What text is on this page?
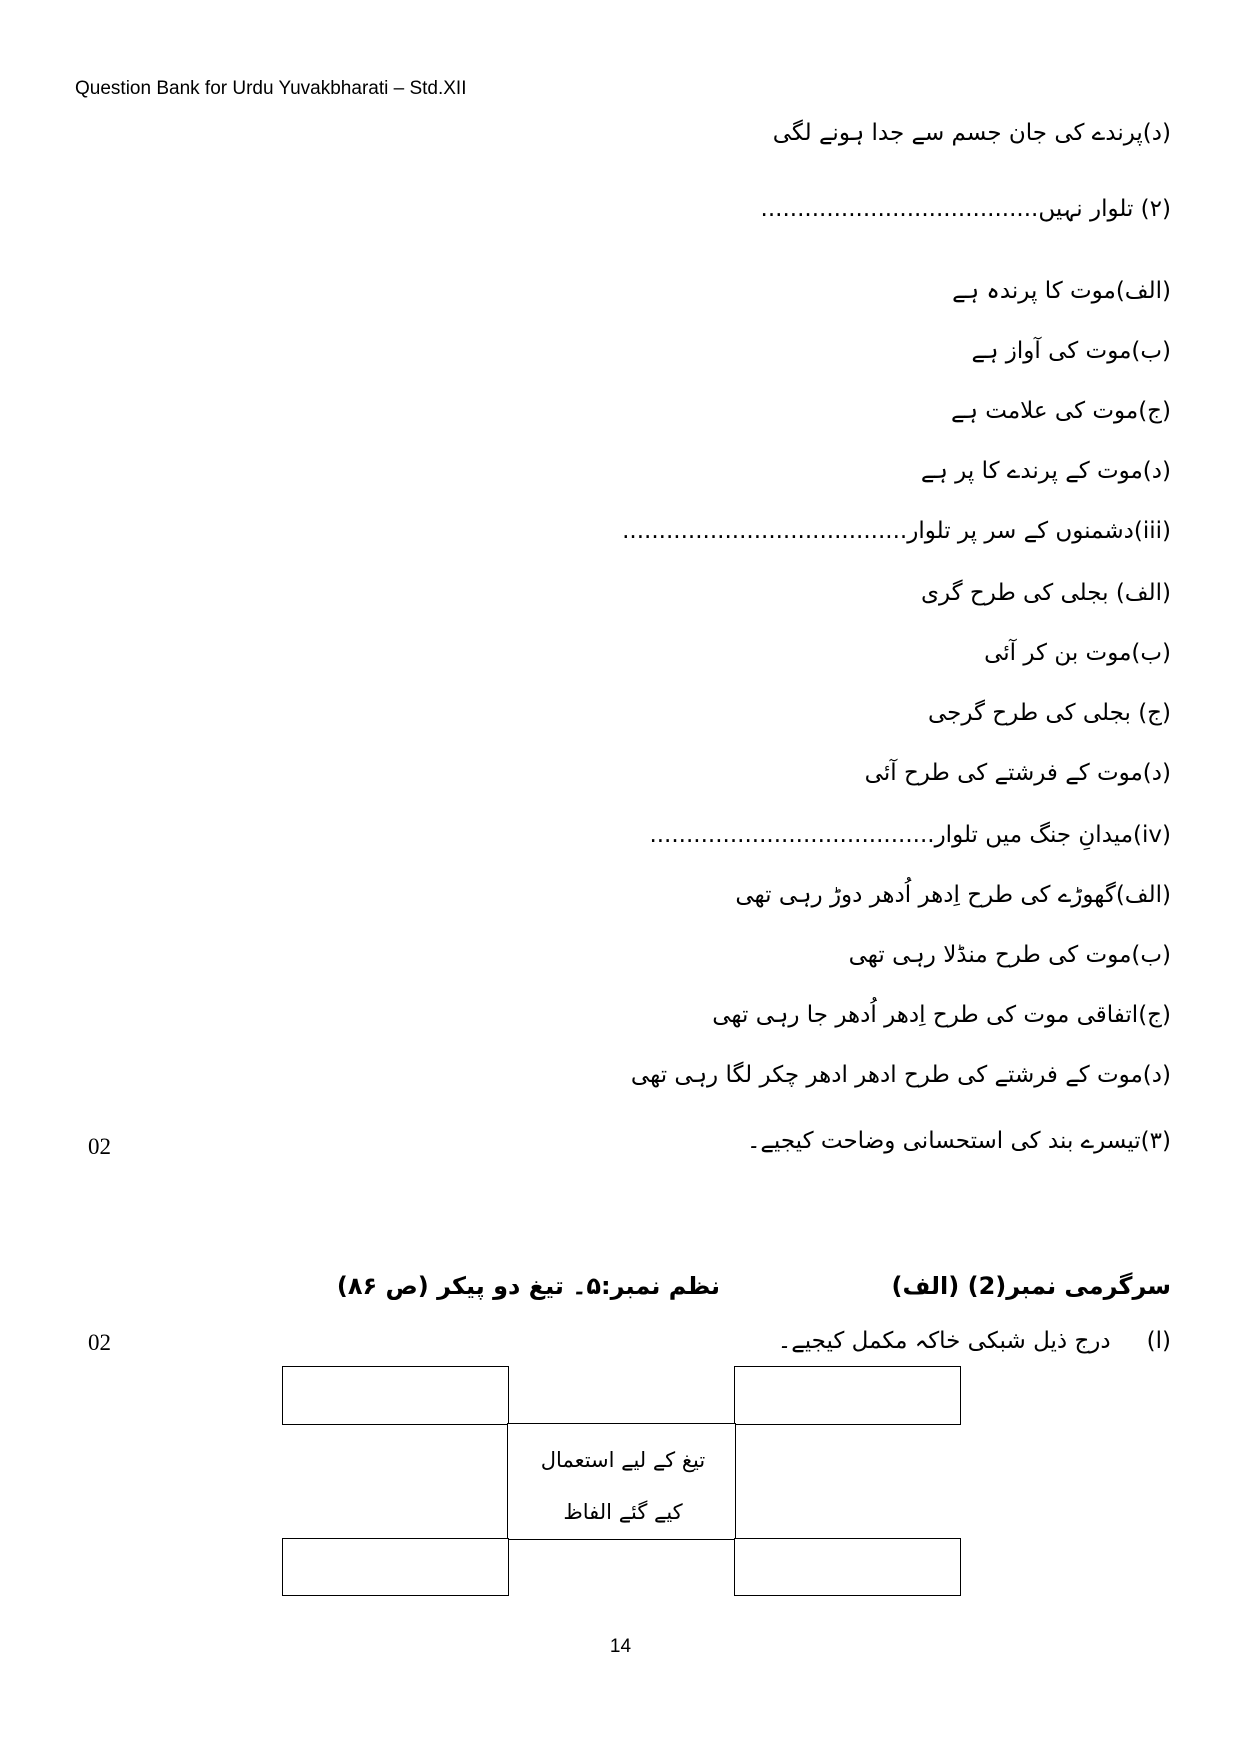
Question Bank for Urdu Yuvakbharati – Std.XII
(د)پرندے کی جان جسم سے جدا ہونے لگی
(۲) تلوار نہیں......................................
(الف)موت کا پرندہ ہے
(ب)موت کی آواز ہے
(ج)موت کی علامت ہے
(د)موت کے پرندے کا پر ہے
(iii)دشمنوں کے سر پر تلوار.......................................
(الف) بجلی کی طرح گری
(ب)موت بن کر آئی
(ج) بجلی کی طرح گرجی
(د)موت کے فرشتے کی طرح آئی
(iv)میدانِ جنگ میں تلوار.......................................
(الف)گھوڑے کی طرح اِدھر اُدھر دوڑ رہی تھی
(ب)موت کی طرح منڈلا رہی تھی
(ج)اتفاقی موت کی طرح اِدھر اُدھر جا رہی تھی
(د)موت کے فرشتے کی طرح ادھر ادھر چکر لگا رہی تھی
(۳)تیسرے بند کی استحسانی وضاحت کیجیے۔
02
سرگرمی نمبر(2) (الف)
نظم نمبر:۵۔ تیغ دو پیکر (ص ۸۶)
(ا)درج ذیل شبکی خاکہ مکمل کیجیے۔
02
تیغ کے لیے استعمال
کیے گئے الفاظ
14
